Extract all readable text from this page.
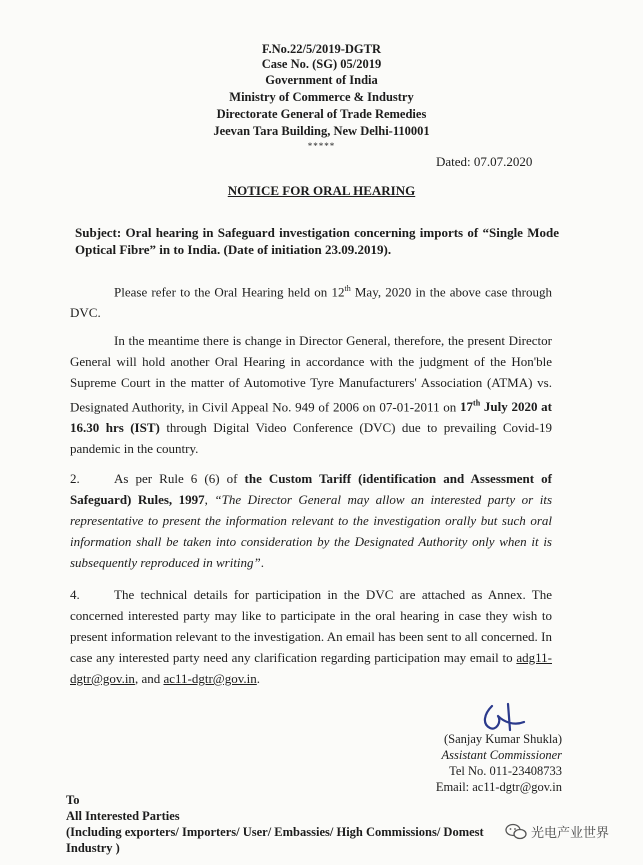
F.No.22/5/2019-DGTR
Case No. (SG) 05/2019
Government of India
Ministry of Commerce & Industry
Directorate General of Trade Remedies
Jeevan Tara Building, New Delhi-110001
*****
Dated: 07.07.2020
NOTICE FOR ORAL HEARING
Subject: Oral hearing in Safeguard investigation concerning imports of “Single Mode Optical Fibre” in to India. (Date of initiation 23.09.2019).
Please refer to the Oral Hearing held on 12th May, 2020 in the above case through DVC.
In the meantime there is change in Director General, therefore, the present Director General will hold another Oral Hearing in accordance with the judgment of the Hon'ble Supreme Court in the matter of Automotive Tyre Manufacturers' Association (ATMA) vs. Designated Authority, in Civil Appeal No. 949 of 2006 on 07-01-2011 on 17th July 2020 at 16.30 hrs (IST) through Digital Video Conference (DVC) due to prevailing Covid-19 pandemic in the country.
2.	As per Rule 6 (6) of the Custom Tariff (identification and Assessment of Safeguard) Rules, 1997, “The Director General may allow an interested party or its representative to present the information relevant to the investigation orally but such oral information shall be taken into consideration by the Designated Authority only when it is subsequently reproduced in writing”.
4.	The technical details for participation in the DVC are attached as Annex. The concerned interested party may like to participate in the oral hearing in case they wish to present information relevant to the investigation. An email has been sent to all concerned. In case any interested party need any clarification regarding participation may email to adg11-dgtr@gov.in, and ac11-dgtr@gov.in.
(Sanjay Kumar Shukla)
Assistant Commissioner
Tel No. 011-23408733
Email: ac11-dgtr@gov.in
To
All Interested Parties
(Including exporters/ Importers/ User/ Embassies/ High Commissions/ Domest
Industry )
光电产业世界
